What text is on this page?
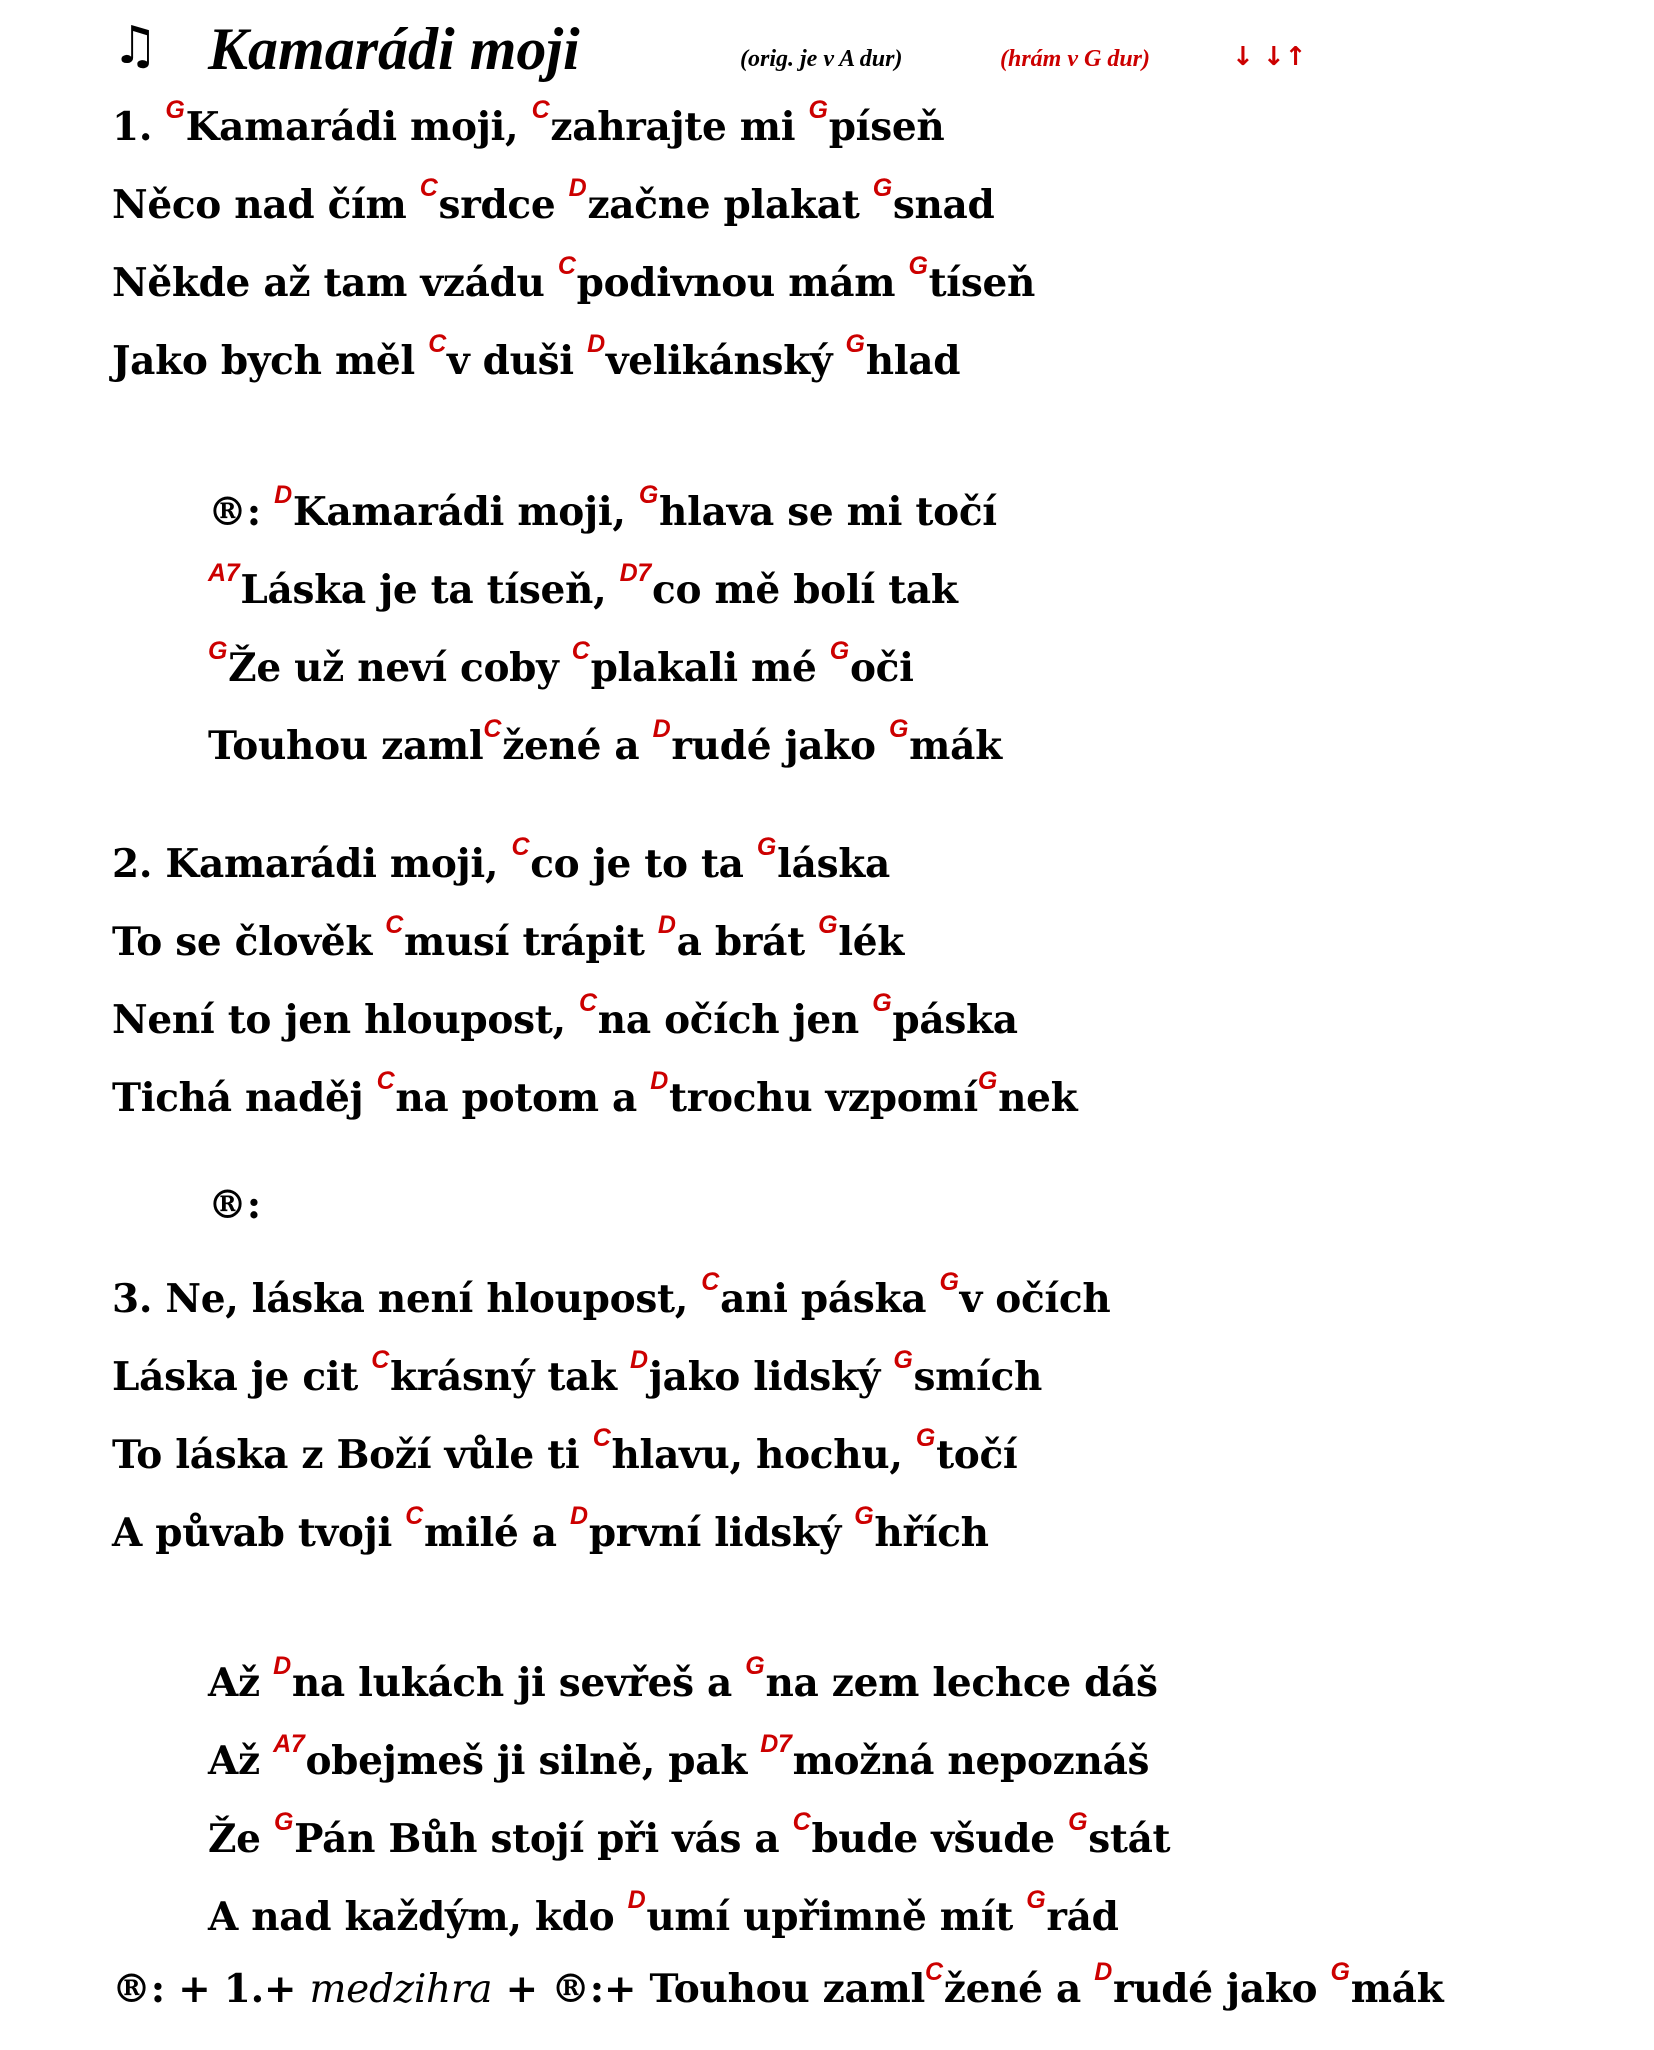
♫ Kamarádi moji	(orig. je v A dur)	(hrám v G dur)	↓ ↓↑
1. $^G$Kamarádi moji, $^C$zahrajte mi $^G$píseň
Něco nad čím $^C$srdce $^D$začne plakat $^G$snad
Někde až tam vzádu $^C$podivnou mám $^G$tíseň
Jako bych měl $^C$v duši $^D$velikánský $^G$hlad
®: $^D$Kamarádi moji, $^G$hlava se mi točí
$^{A7}$Láska je ta tíseň, $^{D7}$co mě bolí tak
$^G$Že už neví coby $^C$plakali mé $^G$oči
Touhou zaml$^C$žené a $^D$rudé jako $^G$mák
2. Kamarádi moji, $^C$co je to ta $^G$láska
To se člověk $^C$musí trápit $^D$a brát $^G$lék
Není to jen hloupost, $^C$na očích jen $^G$páska
Tichá naděj $^C$na potom a $^D$trochu vzpomí$^G$nek
®:
3. Ne, láska není hloupost, $^C$ani páska $^G$v očích
Láska je cit $^C$krásný tak $^D$jako lidský $^G$smích
To láska z Boží vůle ti $^C$hlavu, hochu, $^G$točí
A půvab tvoji $^C$milé a $^D$první lidský $^G$hřích
Až $^D$na lukách ji sevřeš a $^G$na zem lechce dáš
Až $^{A7}$obejmeš ji silně, pak $^{D7}$možná nepoznáš
Že $^G$Pán Bůh stojí při vás a $^C$bude všude $^G$stát
A nad každým, kdo $^D$umí upřimně mít $^G$rád
®: + 1.+ medzihra + ®:+ Touhou zaml$^C$žené a $^D$rudé jako $^G$mák
